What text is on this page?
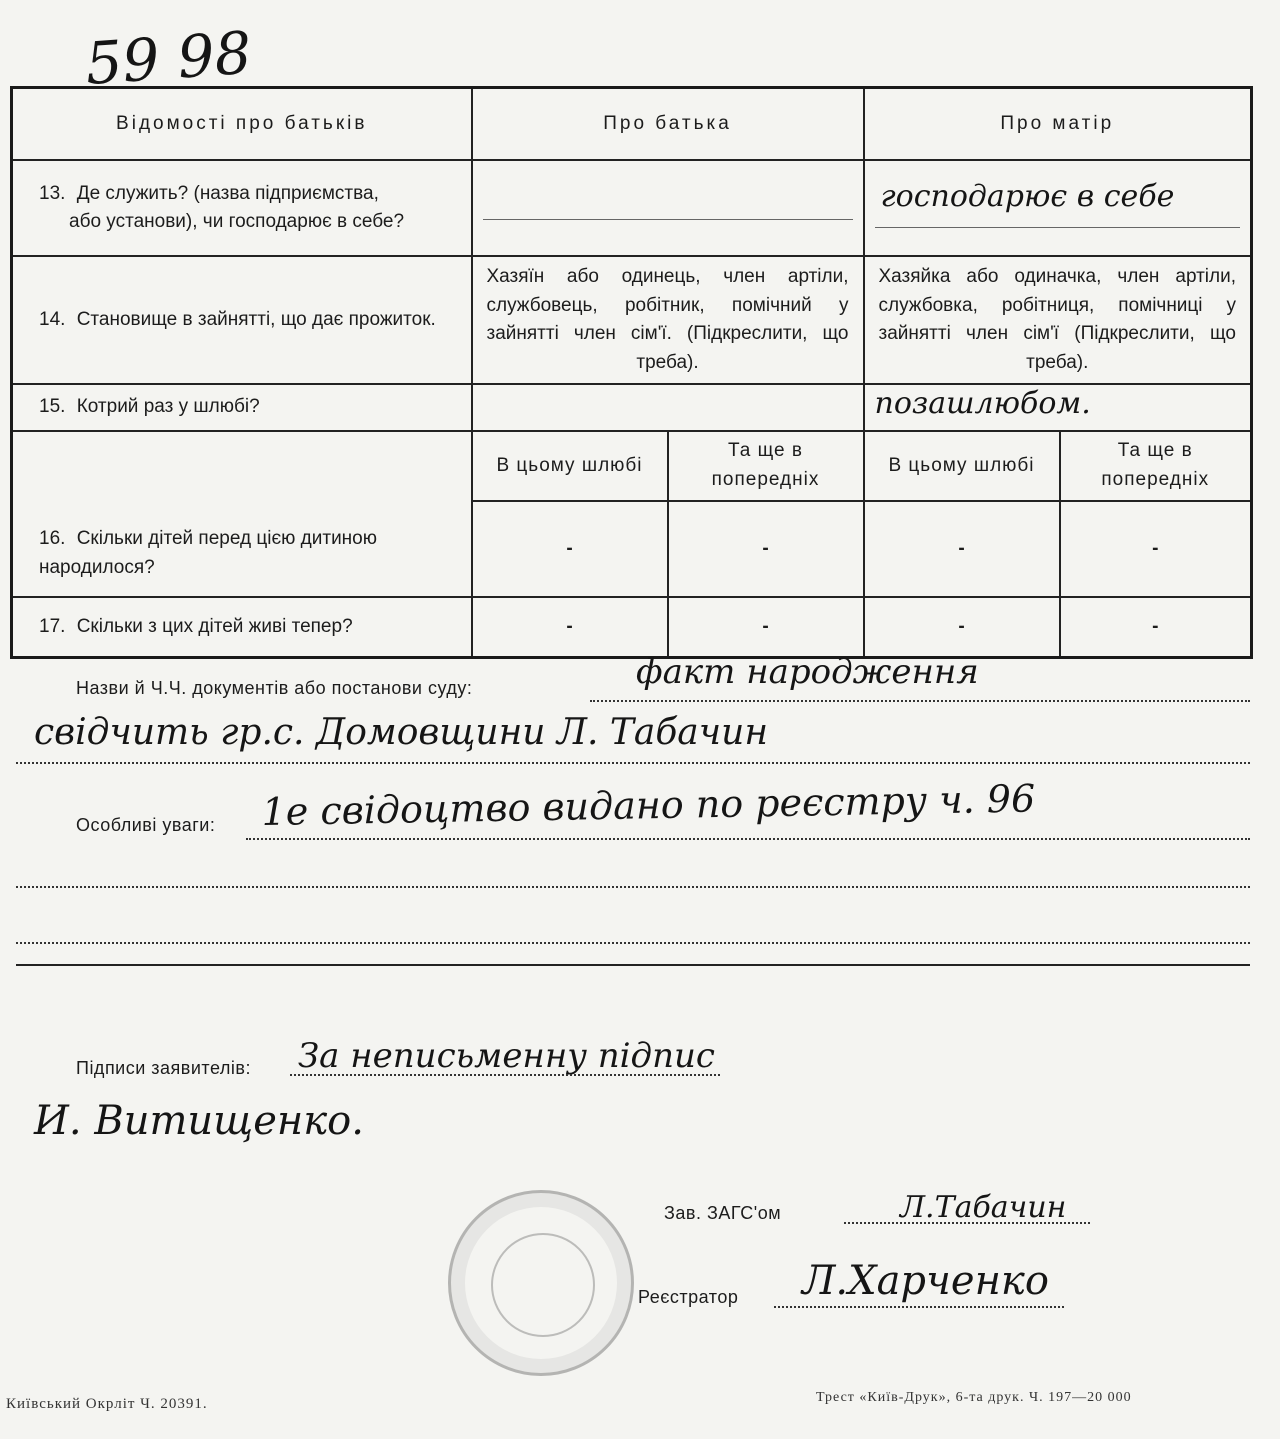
59 98
Відомості про батьків	Про батька		Про матір	
13. Де служить? (назва підприємства,
або установи), чи господарює в себе?			господарює в себе	

14. Становище в зайнятті, що дає прожиток.	Хазяїн або одинець, член артіли, службовець, робітник, помічний у зайнятті член сім'ї. (Підкреслити, що треба).		Хазяйка або одиначка, член артіли, службовка, робітниця, помічниці у зайнятті член сім'ї (Підкреслити, що треба).	
15. Котрий раз у шлюбі?			позашлюбом.	
16. Скільки дітей перед цією дитиною народилося?	В цьому шлюбі	Та ще в попередніх	В цьому шлюбі	Та ще в попередніх
	-	-	-	-
17. Скільки з цих дітей живі тепер?	-	-	-	-
Назви й Ч.Ч. документів або постанови суду:	факт народження
свідчить гр.с. Домовщини Л. Табачин
Особливі уваги: 1е свідоцтво видано по реєстру ч. 96
Підписи заявителів: За неписьменну підпис
И. Витищенко.
Зав. ЗАГС'ом	Л.Табачин
Реєстратор Л.Харченко
Київський Окрліт Ч. 20391.	Трест «Київ-Друк», 6-та друк. Ч. 197—20 000
